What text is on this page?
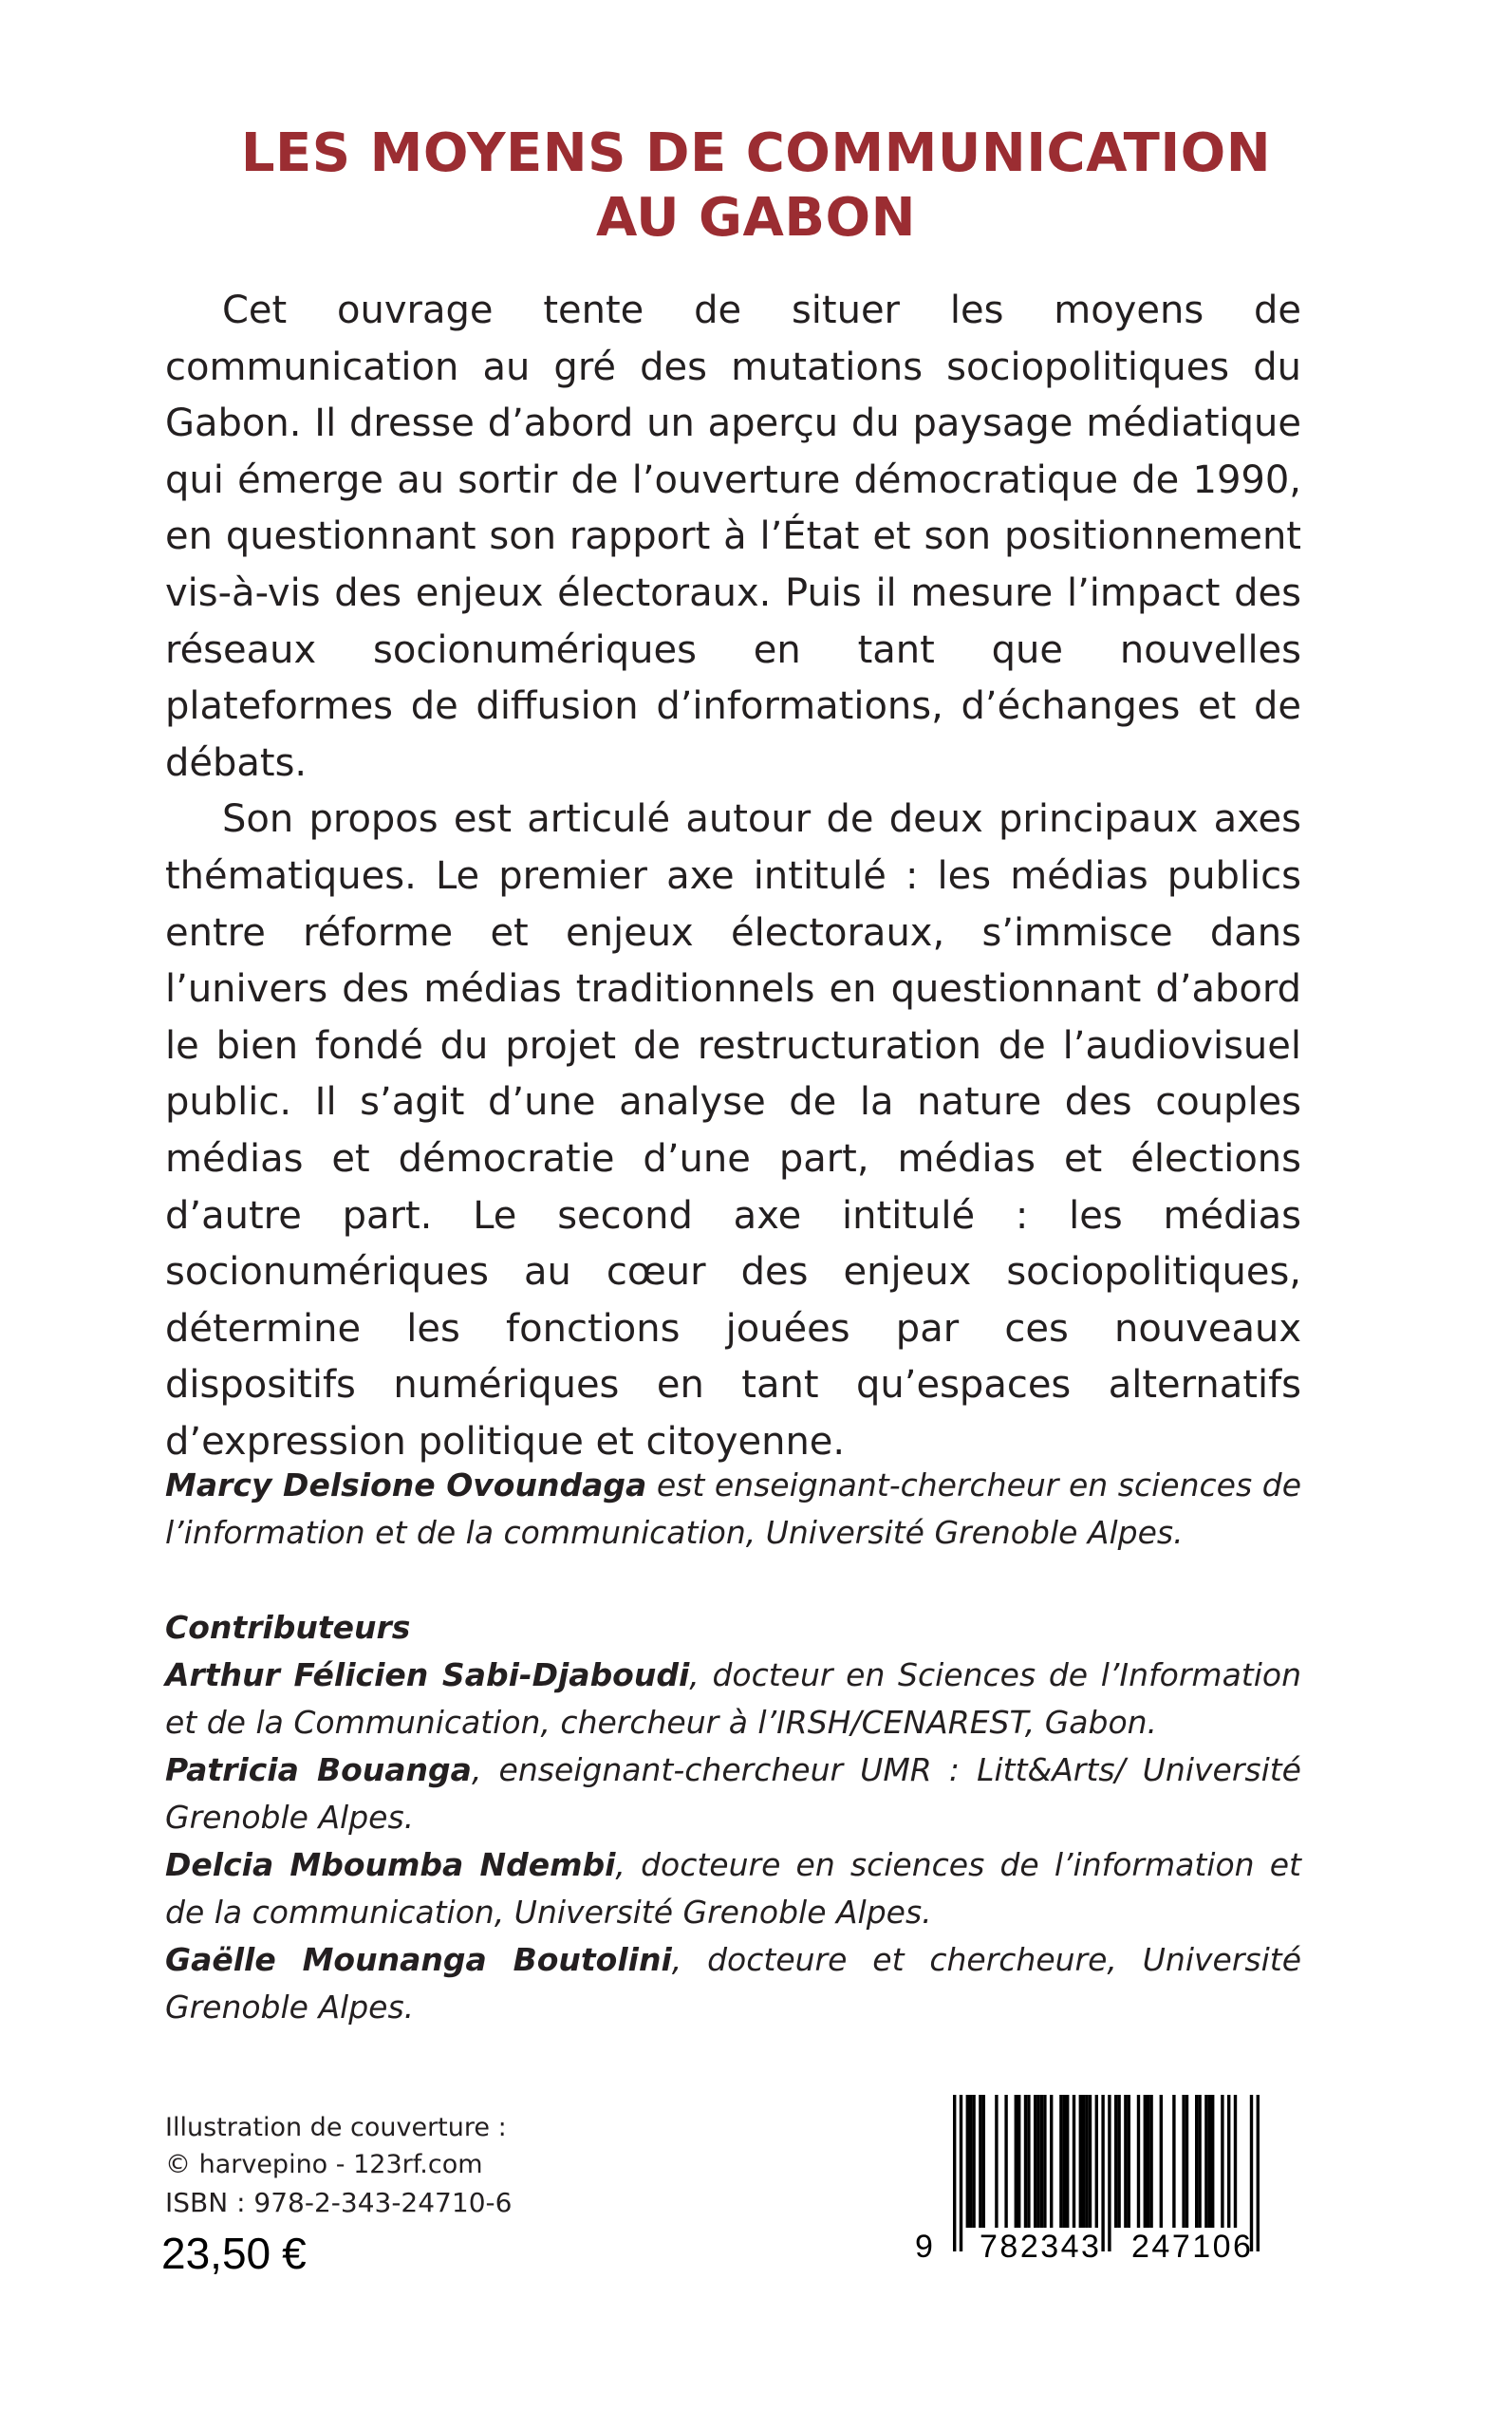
LES MOYENS DE COMMUNICATION
AU GABON

Cet ouvrage tente de situer les moyens de communication au gré des mutations sociopolitiques du Gabon. Il dresse d’abord un aperçu du paysage médiatique qui émerge au sortir de l’ouverture démocratique de 1990, en questionnant son rapport à l’État et son positionnement vis-à-vis des enjeux électoraux. Puis il mesure l’impact des réseaux socionumériques en tant que nouvelles plateformes de diffusion d’informations, d’échanges et de débats.

Son propos est articulé autour de deux principaux axes thématiques. Le premier axe intitulé : les médias publics entre réforme et enjeux électoraux, s’immisce dans l’univers des médias traditionnels en questionnant d’abord le bien fondé du projet de restructuration de l’audiovisuel public. Il s’agit d’une analyse de la nature des couples médias et démocratie d’une part, médias et élections d’autre part. Le second axe intitulé : les médias socionumériques au cœur des enjeux sociopolitiques, détermine les fonctions jouées par ces nouveaux dispositifs numériques en tant qu’espaces alternatifs d’expression politique et citoyenne.

Marcy Delsione Ovoundaga est enseignant-chercheur en sciences de l’information et de la communication, Université Grenoble Alpes.

Contributeurs

Arthur Félicien Sabi-Djaboudi, docteur en Sciences de l’Information et de la Communication, chercheur à l’IRSH/CENAREST, Gabon.

Patricia Bouanga, enseignant-chercheur UMR : Litt&Arts/ Université Grenoble Alpes.

Delcia Mboumba Ndembi, docteure en sciences de l’information et de la communication, Université Grenoble Alpes.

Gaëlle Mounanga Boutolini, docteure et chercheure, Université Grenoble Alpes.

Illustration de couverture :
© harvepino - 123rf.com
ISBN : 978-2-343-24710-6
23,50 €	9 782343 247106
